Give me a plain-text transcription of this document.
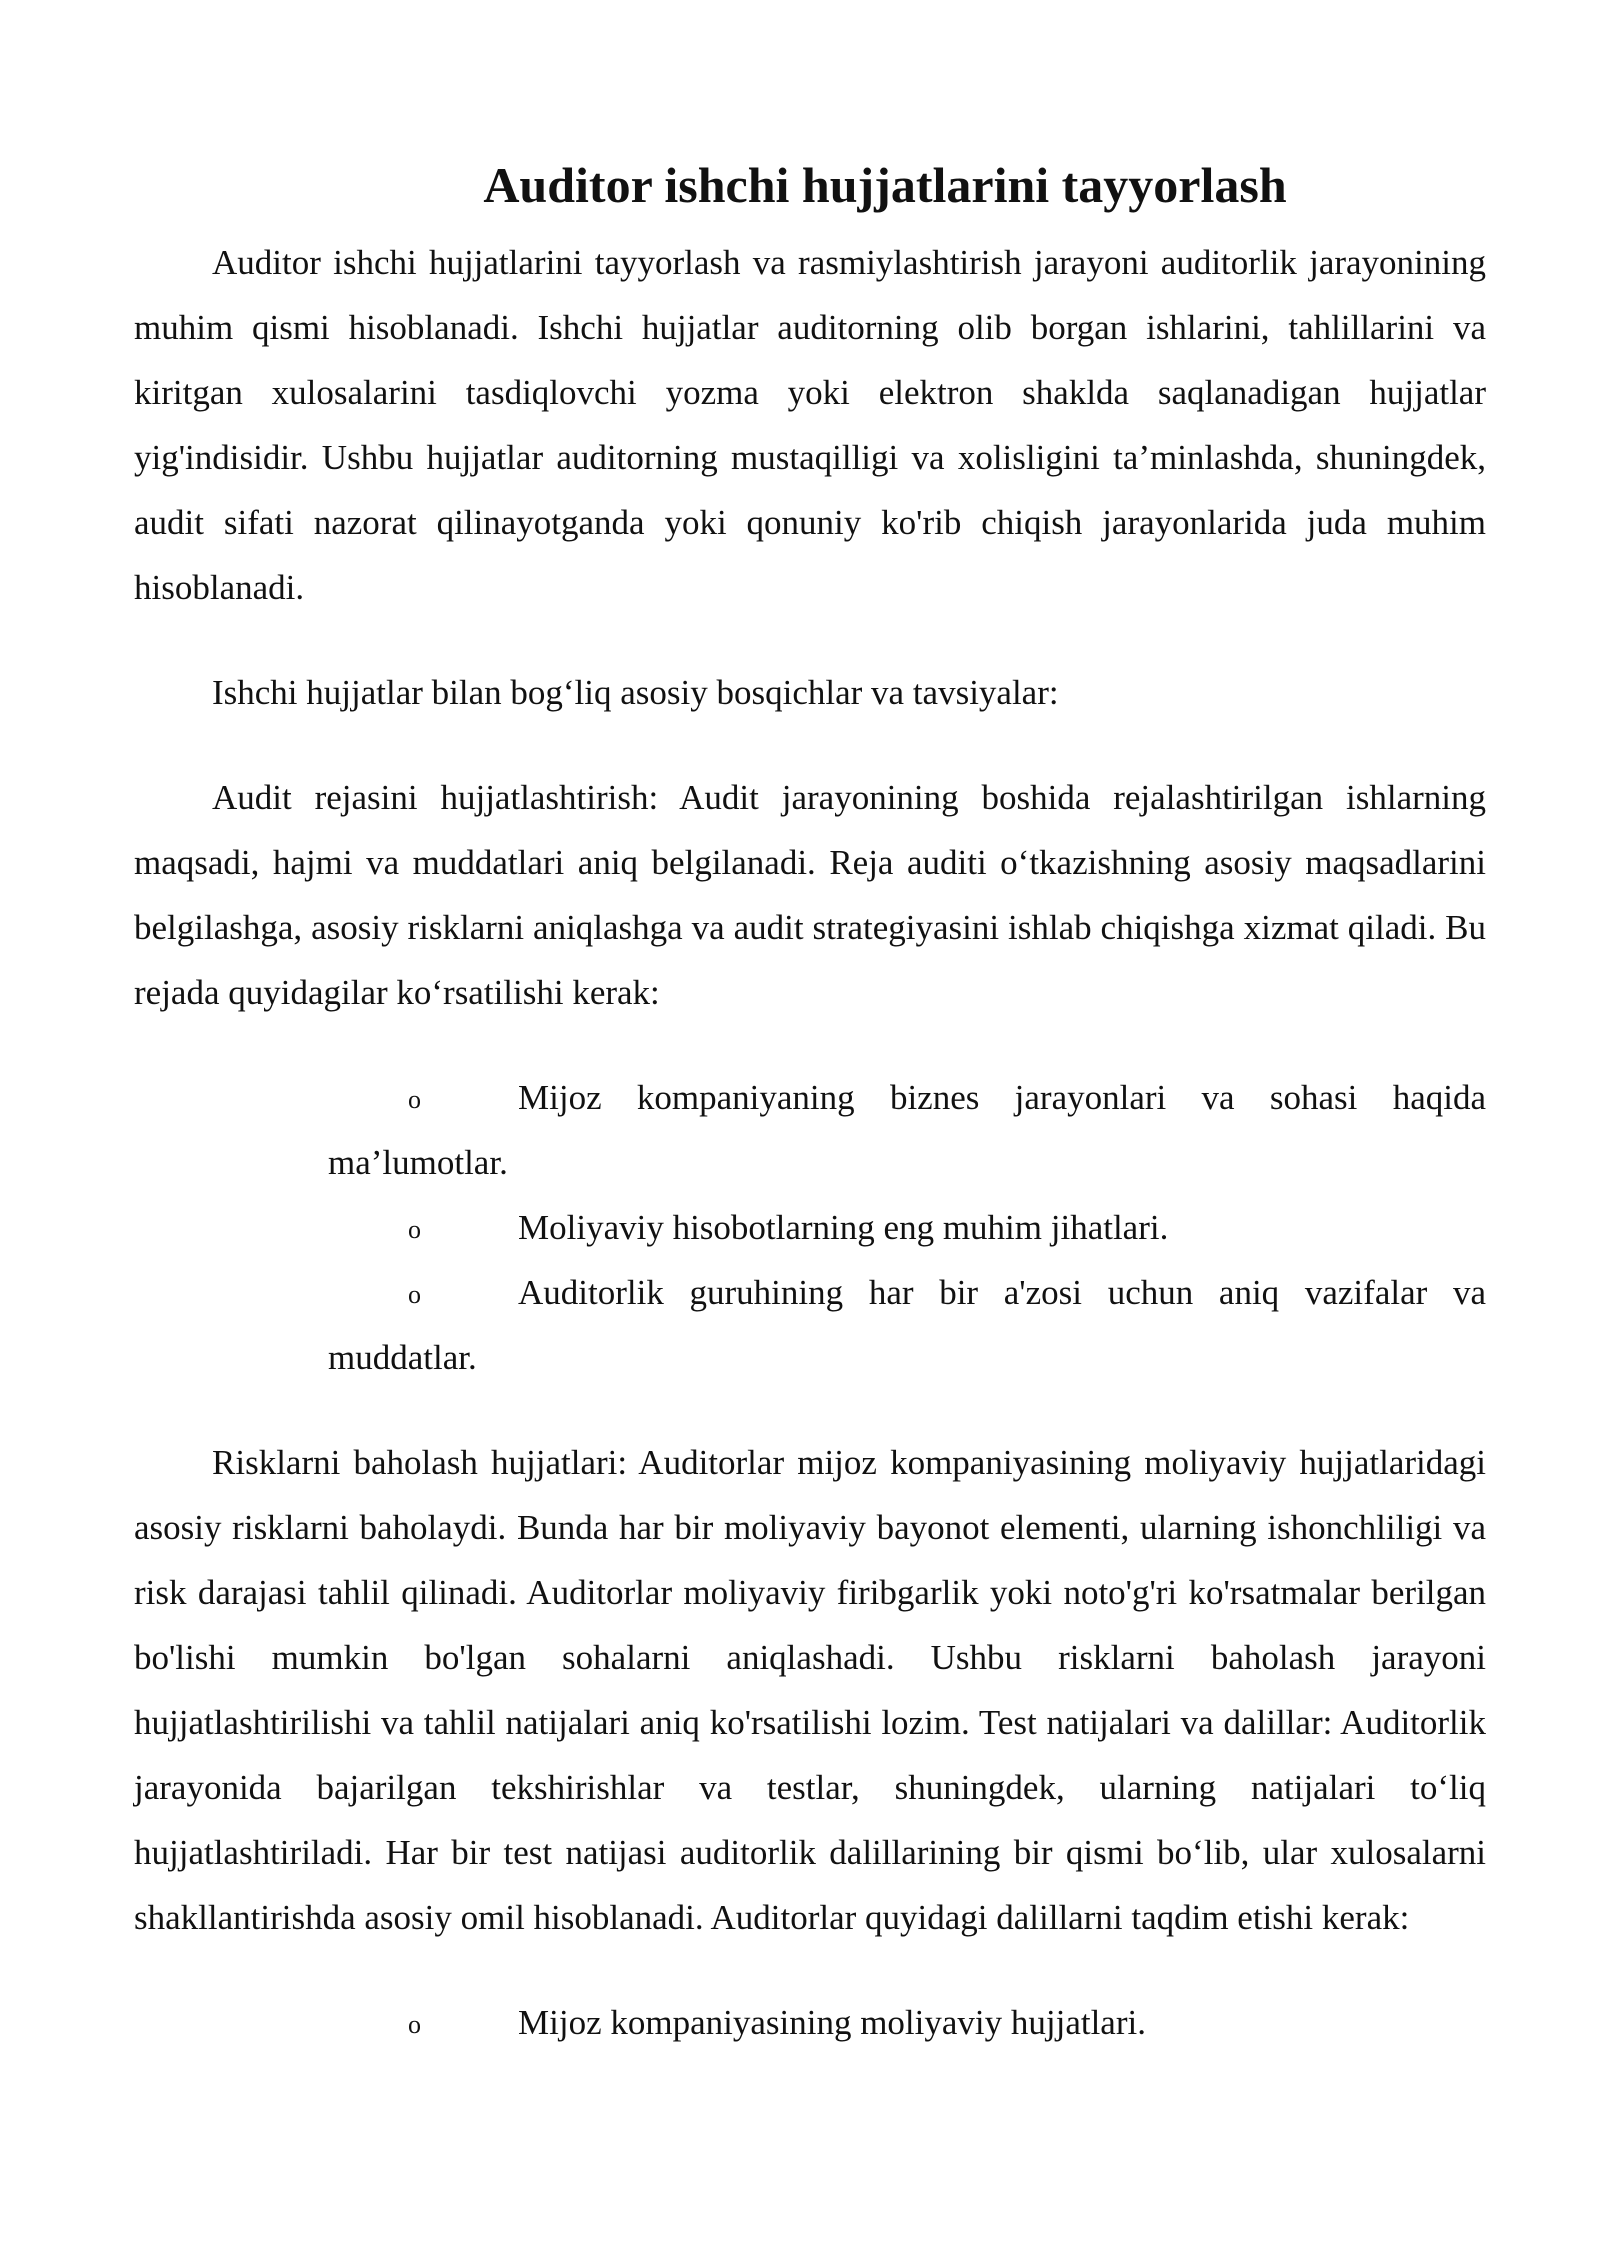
Auditor ishchi hujjatlarini tayyorlash

Auditor ishchi hujjatlarini tayyorlash va rasmiylashtirish jarayoni auditorlik jarayonining muhim qismi hisoblanadi. Ishchi hujjatlar auditorning olib borgan ishlarini, tahlillarini va kiritgan xulosalarini tasdiqlovchi yozma yoki elektron shaklda saqlanadigan hujjatlar yig'indisidir. Ushbu hujjatlar auditorning mustaqilligi va xolisligini ta’minlashda, shuningdek, audit sifati nazorat qilinayotganda yoki qonuniy ko'rib chiqish jarayonlarida juda muhim hisoblanadi.

Ishchi hujjatlar bilan bog‘liq asosiy bosqichlar va tavsiyalar:

Audit rejasini hujjatlashtirish: Audit jarayonining boshida rejalashtirilgan ishlarning maqsadi, hajmi va muddatlari aniq belgilanadi. Reja auditi o‘tkazishning asosiy maqsadlarini belgilashga, asosiy risklarni aniqlashga va audit strategiyasini ishlab chiqishga xizmat qiladi. Bu rejada quyidagilar ko‘rsatilishi kerak:

o	Mijoz kompaniyaning biznes jarayonlari va sohasi haqida ma’lumotlar.
o	Moliyaviy hisobotlarning eng muhim jihatlari.
o	Auditorlik guruhining har bir a'zosi uchun aniq vazifalar va muddatlar.

Risklarni baholash hujjatlari: Auditorlar mijoz kompaniyasining moliyaviy hujjatlaridagi asosiy risklarni baholaydi. Bunda har bir moliyaviy bayonot elementi, ularning ishonchliligi va risk darajasi tahlil qilinadi. Auditorlar moliyaviy firibgarlik yoki noto'g'ri ko'rsatmalar berilgan bo'lishi mumkin bo'lgan sohalarni aniqlashadi. Ushbu risklarni baholash jarayoni hujjatlashtirilishi va tahlil natijalari aniq ko'rsatilishi lozim. Test natijalari va dalillar: Auditorlik jarayonida bajarilgan tekshirishlar va testlar, shuningdek, ularning natijalari to‘liq hujjatlashtiriladi. Har bir test natijasi auditorlik dalillarining bir qismi bo‘lib, ular xulosalarni shakllantirishda asosiy omil hisoblanadi. Auditorlar quyidagi dalillarni taqdim etishi kerak:

o	Mijoz kompaniyasining moliyaviy hujjatlari.
